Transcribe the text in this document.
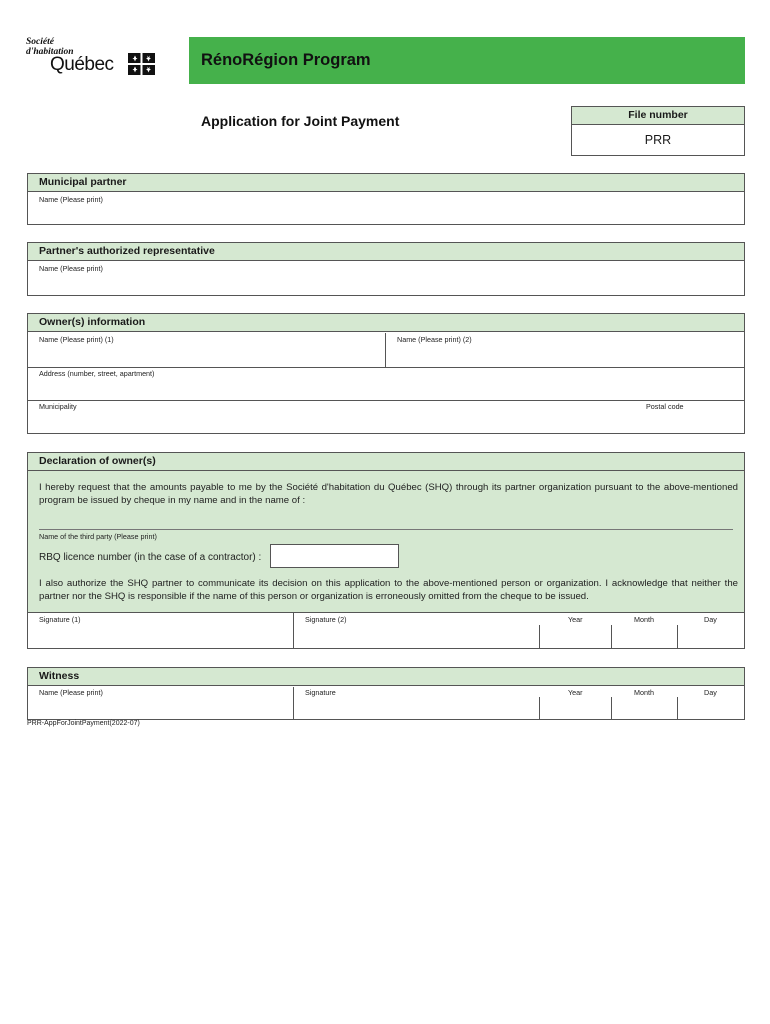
Société
d'habitation
Québec	RénoRégion Program
Application for Joint Payment	File number
PRR
Municipal partner
Name (Please print)
Partner's authorized representative
Name (Please print)
Owner(s) information
Name (Please print) (1)	Name (Please print) (2)
Address (number, street, apartment)
Municipality	Postal code
Declaration of owner(s)

I hereby request that the amounts payable to me by the Société d'habitation du Québec (SHQ) through its partner organization pursuant to the above-mentioned program be issued by cheque in my name and in the name of :

Name of the third party (Please print)
RBQ licence number (in the case of a contractor) :

I also authorize the SHQ partner to communicate its decision on this application to the above-mentioned person or organization. I acknowledge that neither the partner nor the SHQ is responsible if the name of this person or organization is erroneously omitted from the cheque to be issued.

Signature (1)	Signature (2)	Year	Month	Day
Witness
Name (Please print)	Signature	Year	Month	Day
PRR-AppForJointPayment(2022-07)
